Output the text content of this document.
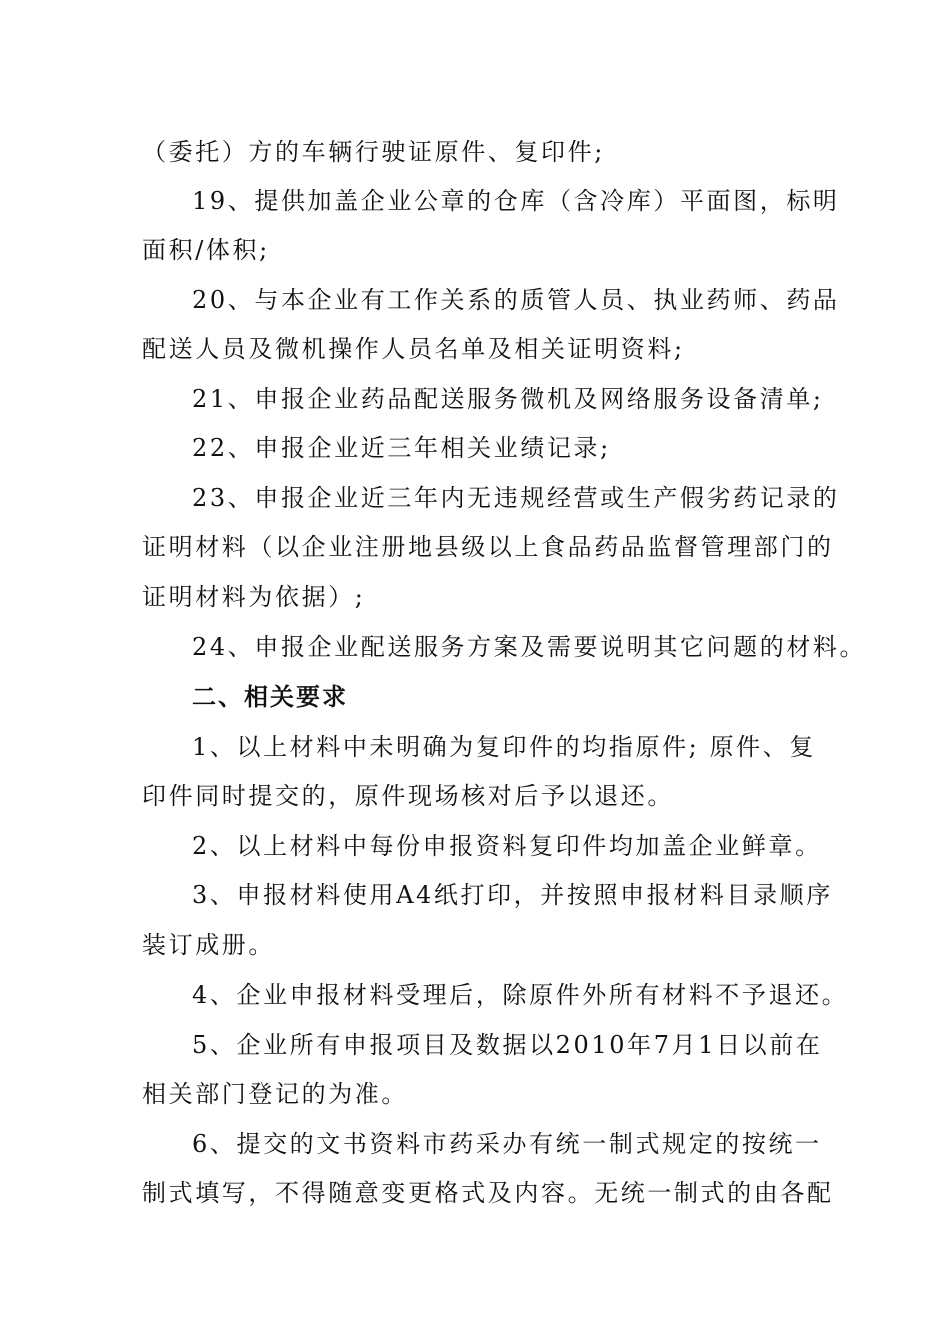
（委托）方的车辆行驶证原件、复印件;
19、提供加盖企业公章的仓库（含冷库）平面图，标明
面积/体积;
20、与本企业有工作关系的质管人员、执业药师、药品
配送人员及微机操作人员名单及相关证明资料;
21、申报企业药品配送服务微机及网络服务设备清单;
22、申报企业近三年相关业绩记录;
23、申报企业近三年内无违规经营或生产假劣药记录的
证明材料（以企业注册地县级以上食品药品监督管理部门的
证明材料为依据）;
24、申报企业配送服务方案及需要说明其它问题的材料。
二、相关要求
1、以上材料中未明确为复印件的均指原件; 原件、复
印件同时提交的，原件现场核对后予以退还。
2、以上材料中每份申报资料复印件均加盖企业鲜章。
3、申报材料使用A4纸打印，并按照申报材料目录顺序
装订成册。
4、企业申报材料受理后，除原件外所有材料不予退还。
5、企业所有申报项目及数据以2010年7月1日以前在
相关部门登记的为准。
6、提交的文书资料市药采办有统一制式规定的按统一
制式填写，不得随意变更格式及内容。无统一制式的由各配
